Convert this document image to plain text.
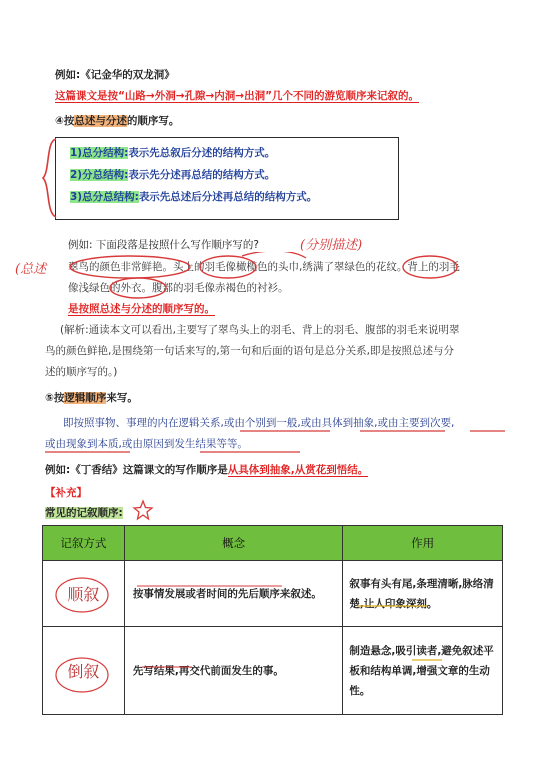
例如:《记金华的双龙洞》
这篇课文是按“山路→外洞→孔隙→内洞→出洞”几个不同的游览顺序来记叙的。
④按总述与分述的顺序写。
1)总分结构:表示先总叙后分述的结构方式。
2)分总结构:表示先分述再总结的结构方式。
3)总分总结构:表示先总述后分述再总结的结构方式。
例如: 下面段落是按照什么写作顺序写的?	(分别描述)
(总述 翠鸟的颜色非常鲜艳。头上的羽毛像橄榄色的头巾,绣满了翠绿色的花纹。背上的羽毛
像浅绿色的外衣。腹部的羽毛像赤褐色的衬衫。
是按照总述与分述的顺序写的。
(解析:通读本文可以看出,主要写了翠鸟头上的羽毛、背上的羽毛、腹部的羽毛来说明翠
鸟的颜色鲜艳,是围绕第一句话来写的,第一句和后面的语句是总分关系,即是按照总述与分
述的顺序写的。)
⑤按逻辑顺序来写。
即按照事物、事理的内在逻辑关系,或由个别到一般,或由具体到抽象,或由主要到次要,
或由现象到本质,或由原因到发生结果等等。
例如:《丁香结》这篇课文的写作顺序是从具体到抽象,从赏花到悟结。
【补充】
常见的记叙顺序:
记叙方式	概念	作用
顺叙	按事情发展或者时间的先后顺序来叙述。	叙事有头有尾,条理清晰,脉络清楚,让人印象深刻。
倒叙	先写结果,再交代前面发生的事。	制造悬念,吸引读者,避免叙述平板和结构单调,增强文章的生动性。
